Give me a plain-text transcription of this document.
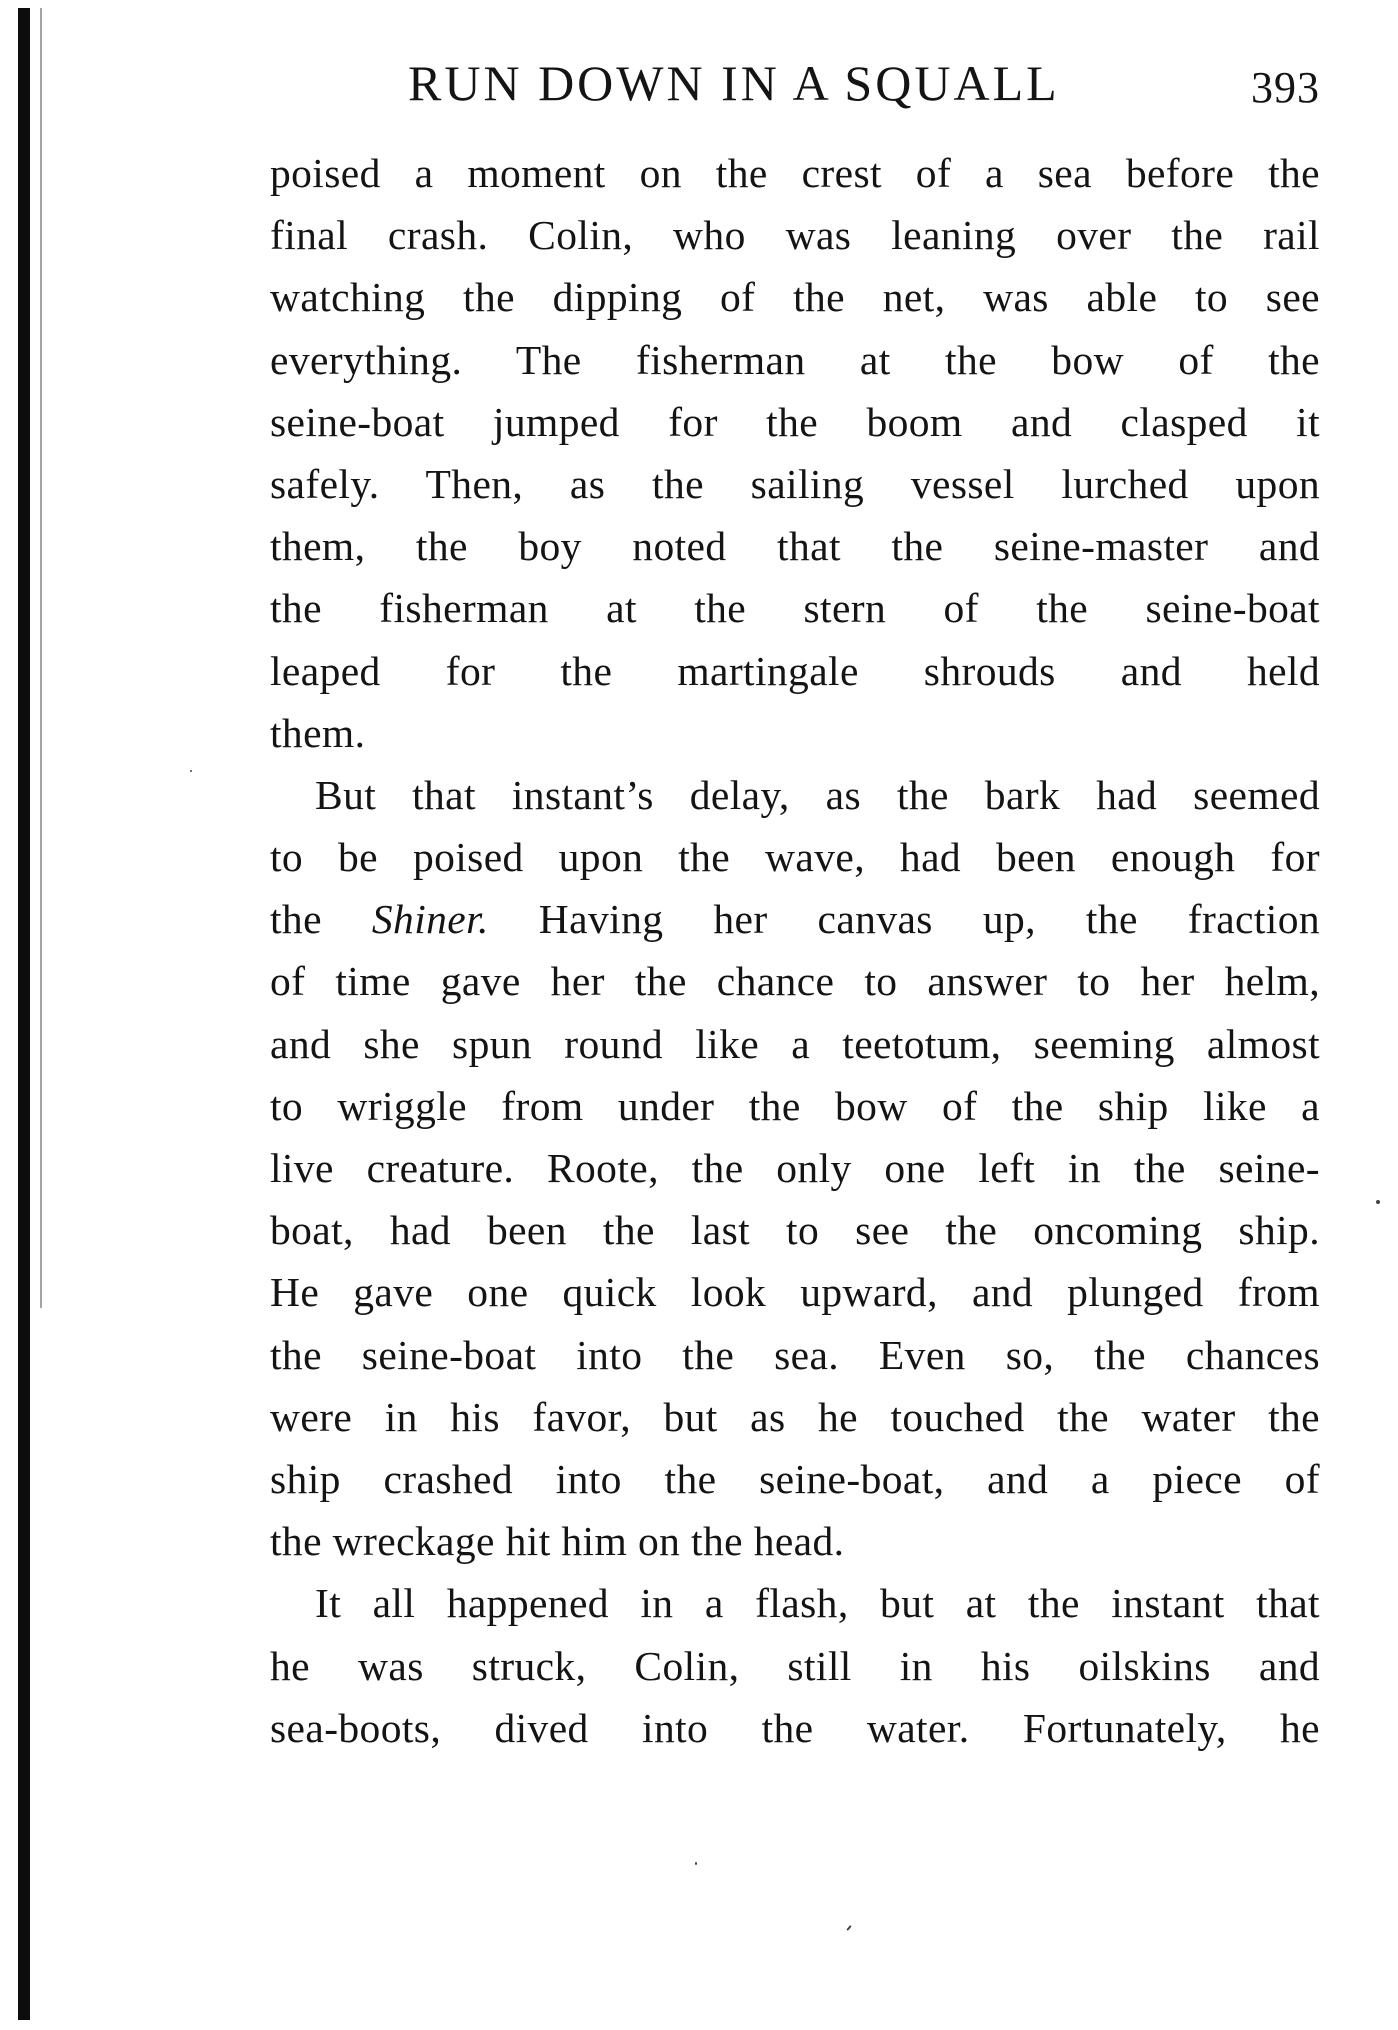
RUN DOWN IN A SQUALL	393
poised a moment on the crest of a sea before the
final crash. Colin, who was leaning over the rail
watching the dipping of the net, was able to see
everything. The fisherman at the bow of the
seine-boat jumped for the boom and clasped it
safely. Then, as the sailing vessel lurched upon
them, the boy noted that the seine-master and
the fisherman at the stern of the seine-boat
leaped for the martingale shrouds and held
them.
But that instant’s delay, as the bark had seemed
to be poised upon the wave, had been enough for
the Shiner. Having her canvas up, the fraction
of time gave her the chance to answer to her helm,
and she spun round like a teetotum, seeming almost
to wriggle from under the bow of the ship like a
live creature. Roote, the only one left in the seine-
boat, had been the last to see the oncoming ship.
He gave one quick look upward, and plunged from
the seine-boat into the sea. Even so, the chances
were in his favor, but as he touched the water the
ship crashed into the seine-boat, and a piece of
the wreckage hit him on the head.
It all happened in a flash, but at the instant that
he was struck, Colin, still in his oilskins and
sea-boots, dived into the water. Fortunately, he
